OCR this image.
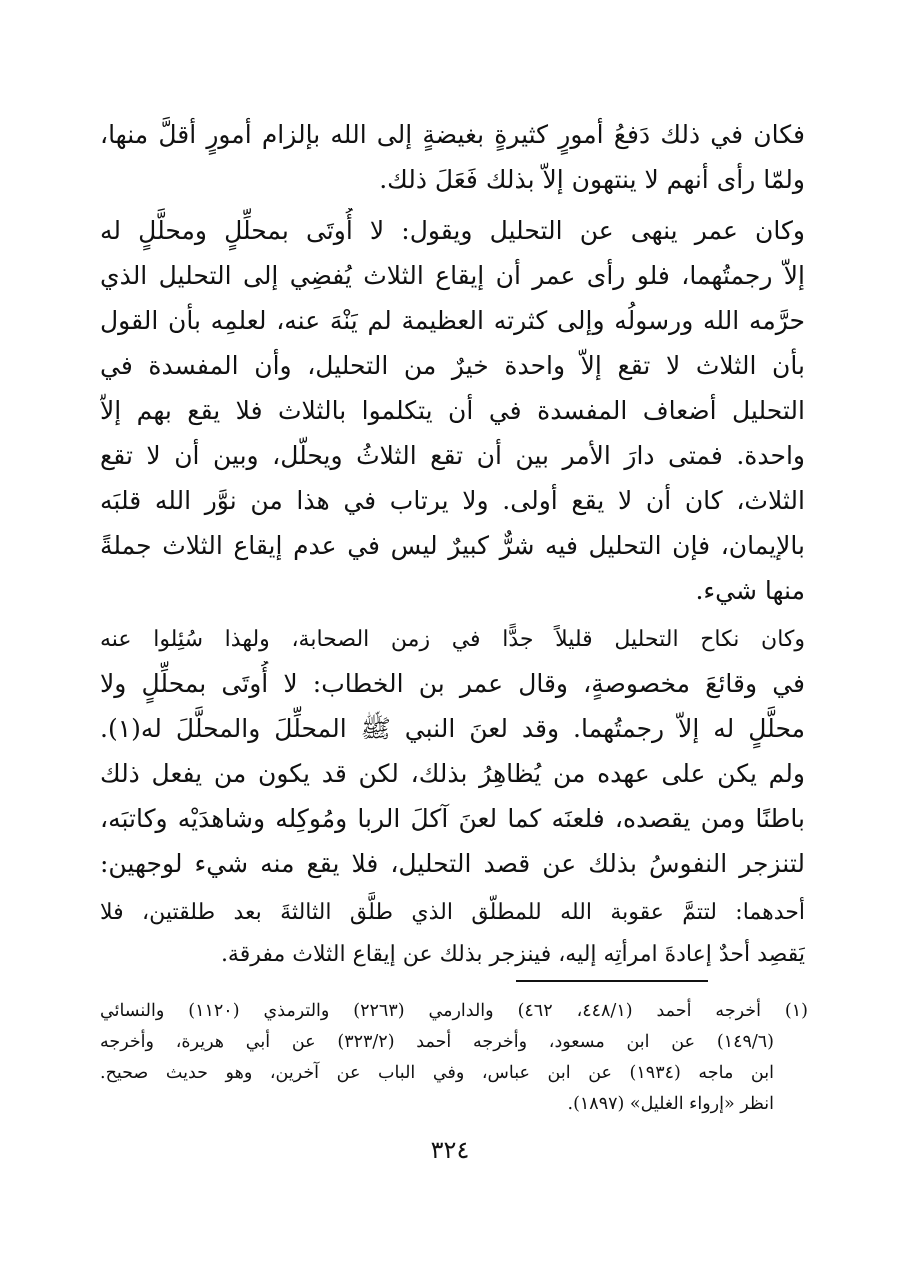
فكان في ذلك دَفعُ أمورٍ كثيرةٍ بغيضةٍ إلى الله بإلزام أمورٍ أقلَّ منها،
ولمّا رأى أنهم لا ينتهون إلاّ بذلك فَعَلَ ذلك.
وكان عمر ينهى عن التحليل ويقول: لا أُوتَى بمحلِّلٍ ومحلَّلٍ له
إلاّ رجمتُهما، فلو رأى عمر أن إيقاع الثلاث يُفضِي إلى التحليل الذي
حرَّمه الله ورسولُه وإلى كثرته العظيمة لم يَنْهَ عنه، لعلمِه بأن القول
بأن الثلاث لا تقع إلاّ واحدة خيرٌ من التحليل، وأن المفسدة في
التحليل أضعاف المفسدة في أن يتكلموا بالثلاث فلا يقع بهم إلاّ
واحدة. فمتى دارَ الأمر بين أن تقع الثلاثُ ويحلّل، وبين أن لا تقع
الثلاث، كان أن لا يقع أولى. ولا يرتاب في هذا من نوَّر الله قلبَه
بالإيمان، فإن التحليل فيه شرٌّ كبيرٌ ليس في عدم إيقاع الثلاث جملةً
منها شيء.
وكان نكاح التحليل قليلاً جدًّا في زمن الصحابة، ولهذا سُئِلوا عنه
في وقائعَ مخصوصةٍ، وقال عمر بن الخطاب: لا أُوتَى بمحلِّلٍ ولا
محلَّلٍ له إلاّ رجمتُهما. وقد لعنَ النبي ﷺ المحلِّلَ والمحلَّلَ له(١).
ولم يكن على عهده من يُظاهِرُ بذلك، لكن قد يكون من يفعل ذلك
باطنًا ومن يقصده، فلعنَه كما لعنَ آكلَ الربا ومُوكِله وشاهدَيْه وكاتبَه،
لتنزجر النفوسُ بذلك عن قصد التحليل، فلا يقع منه شيء لوجهين:
أحدهما: لتتمَّ عقوبة الله للمطلّق الذي طلَّق الثالثةَ بعد طلقتين، فلا
يَقصِد أحدٌ إعادةَ امرأتِه إليه، فينزجر بذلك عن إيقاع الثلاث مفرقة.
(١) أخرجه أحمد (٤٤٨/١، ٤٦٢) والدارمي (٢٢٦٣) والترمذي (١١٢٠) والنسائي
(١٤٩/٦) عن ابن مسعود، وأخرجه أحمد (٣٢٣/٢) عن أبي هريرة، وأخرجه
ابن ماجه (١٩٣٤) عن ابن عباس، وفي الباب عن آخرين، وهو حديث صحيح.
انظر «إرواء الغليل» (١٨٩٧).
٣٢٤
